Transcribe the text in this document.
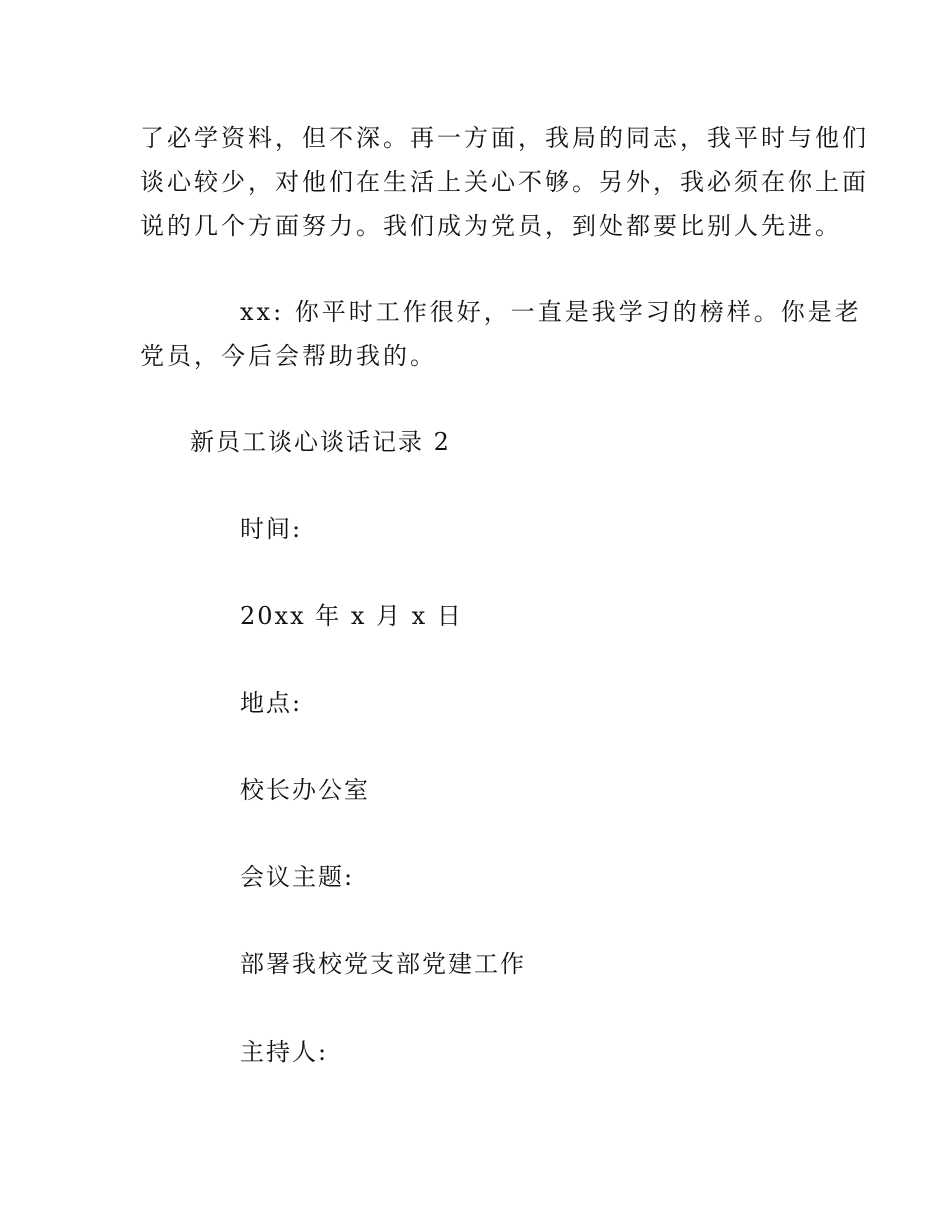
了必学资料，但不深。再一方面，我局的同志，我平时与他们
谈心较少，对他们在生活上关心不够。另外，我必须在你上面
说的几个方面努力。我们成为党员，到处都要比别人先进。

xx: 你平时工作很好，一直是我学习的榜样。你是老
党员，今后会帮助我的。

新员工谈心谈话记录 2

时间:

20xx 年 x 月 x 日

地点:

校长办公室

会议主题:

部署我校党支部党建工作

主持人:
